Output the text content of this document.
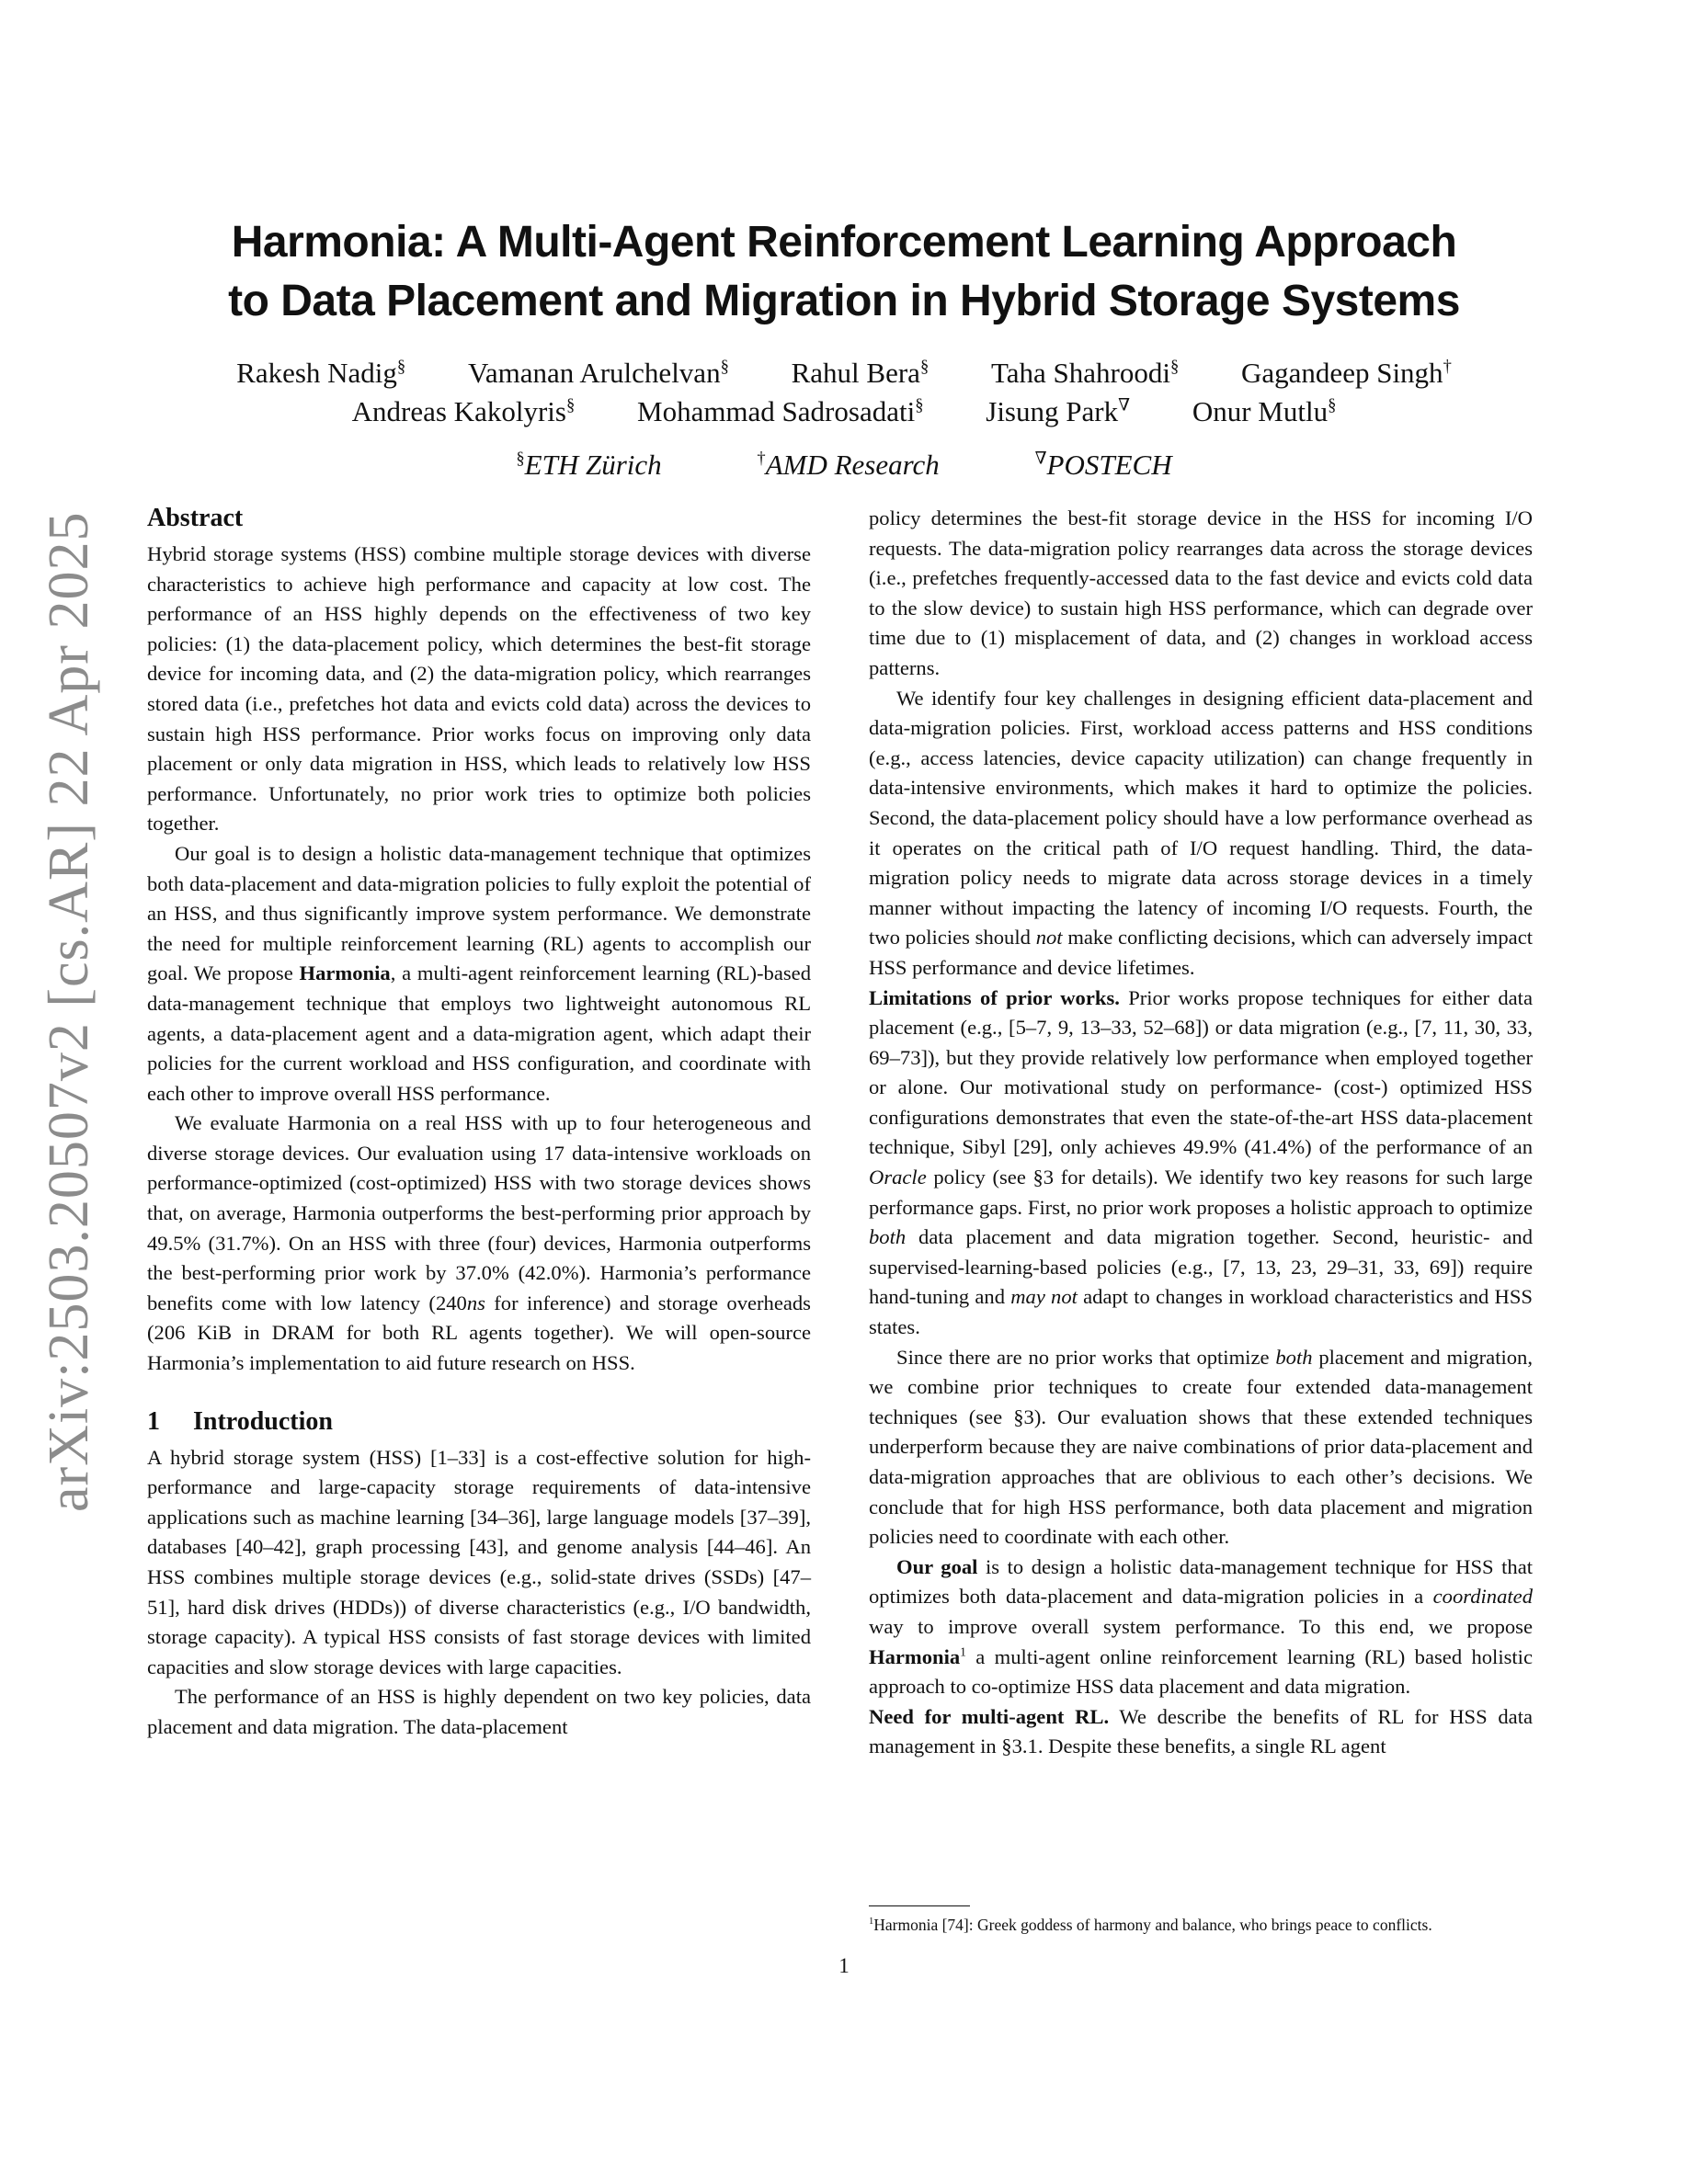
arXiv:2503.20507v2 [cs.AR] 22 Apr 2025
Harmonia: A Multi-Agent Reinforcement Learning Approach
to Data Placement and Migration in Hybrid Storage Systems
Rakesh Nadig§ Vamanan Arulchelvan§ Rahul Bera§ Taha Shahroodi§ Gagandeep Singh†
Andreas Kakolyris§ Mohammad Sadrosadati§ Jisung Park∇ Onur Mutlu§
§ETH Zürich	†AMD Research	∇POSTECH
Abstract

Hybrid storage systems (HSS) combine multiple storage devices with diverse characteristics to achieve high performance and capacity at low cost. The performance of an HSS highly depends on the effectiveness of two key policies: (1) the data-placement policy, which determines the best-fit storage device for incoming data, and (2) the data-migration policy, which rearranges stored data (i.e., prefetches hot data and evicts cold data) across the devices to sustain high HSS performance. Prior works focus on improving only data placement or only data migration in HSS, which leads to relatively low HSS performance. Unfortunately, no prior work tries to optimize both policies together.

Our goal is to design a holistic data-management technique that optimizes both data-placement and data-migration policies to fully exploit the potential of an HSS, and thus significantly improve system performance. We demonstrate the need for multiple reinforcement learning (RL) agents to accomplish our goal. We propose Harmonia, a multi-agent reinforcement learning (RL)-based data-management technique that employs two lightweight autonomous RL agents, a data-placement agent and a data-migration agent, which adapt their policies for the current workload and HSS configuration, and coordinate with each other to improve overall HSS performance.

We evaluate Harmonia on a real HSS with up to four heterogeneous and diverse storage devices. Our evaluation using 17 data-intensive workloads on performance-optimized (cost-optimized) HSS with two storage devices shows that, on average, Harmonia outperforms the best-performing prior approach by 49.5% (31.7%). On an HSS with three (four) devices, Harmonia outperforms the best-performing prior work by 37.0% (42.0%). Harmonia’s performance benefits come with low latency (240ns for inference) and storage overheads (206 KiB in DRAM for both RL agents together). We will open-source Harmonia’s implementation to aid future research on HSS.

1 Introduction

A hybrid storage system (HSS) [1–33] is a cost-effective solution for high-performance and large-capacity storage requirements of data-intensive applications such as machine learning [34–36], large language models [37–39], databases [40–42], graph processing [43], and genome analysis [44–46]. An HSS combines multiple storage devices (e.g., solid-state drives (SSDs) [47–51], hard disk drives (HDDs)) of diverse characteristics (e.g., I/O bandwidth, storage capacity). A typical HSS consists of fast storage devices with limited capacities and slow storage devices with large capacities.

The performance of an HSS is highly dependent on two key policies, data placement and data migration. The data-placement

policy determines the best-fit storage device in the HSS for incoming I/O requests. The data-migration policy rearranges data across the storage devices (i.e., prefetches frequently-accessed data to the fast device and evicts cold data to the slow device) to sustain high HSS performance, which can degrade over time due to (1) misplacement of data, and (2) changes in workload access patterns.

We identify four key challenges in designing efficient data-placement and data-migration policies. First, workload access patterns and HSS conditions (e.g., access latencies, device capacity utilization) can change frequently in data-intensive environments, which makes it hard to optimize the policies. Second, the data-placement policy should have a low performance overhead as it operates on the critical path of I/O request handling. Third, the data-migration policy needs to migrate data across storage devices in a timely manner without impacting the latency of incoming I/O requests. Fourth, the two policies should not make conflicting decisions, which can adversely impact HSS performance and device lifetimes.

Limitations of prior works. Prior works propose techniques for either data placement (e.g., [5–7, 9, 13–33, 52–68]) or data migration (e.g., [7, 11, 30, 33, 69–73]), but they provide relatively low performance when employed together or alone. Our motivational study on performance- (cost-) optimized HSS configurations demonstrates that even the state-of-the-art HSS data-placement technique, Sibyl [29], only achieves 49.9% (41.4%) of the performance of an Oracle policy (see §3 for details). We identify two key reasons for such large performance gaps. First, no prior work proposes a holistic approach to optimize both data placement and data migration together. Second, heuristic- and supervised-learning-based policies (e.g., [7, 13, 23, 29–31, 33, 69]) require hand-tuning and may not adapt to changes in workload characteristics and HSS states.

Since there are no prior works that optimize both placement and migration, we combine prior techniques to create four extended data-management techniques (see §3). Our evaluation shows that these extended techniques underperform because they are naive combinations of prior data-placement and data-migration approaches that are oblivious to each other’s decisions. We conclude that for high HSS performance, both data placement and migration policies need to coordinate with each other.

Our goal is to design a holistic data-management technique for HSS that optimizes both data-placement and data-migration policies in a coordinated way to improve overall system performance. To this end, we propose Harmonia$^1$ a multi-agent online reinforcement learning (RL) based holistic approach to co-optimize HSS data placement and data migration.

Need for multi-agent RL. We describe the benefits of RL for HSS data management in §3.1. Despite these benefits, a single RL agent

$^1$Harmonia [74]: Greek goddess of harmony and balance, who brings peace to conflicts.
1
